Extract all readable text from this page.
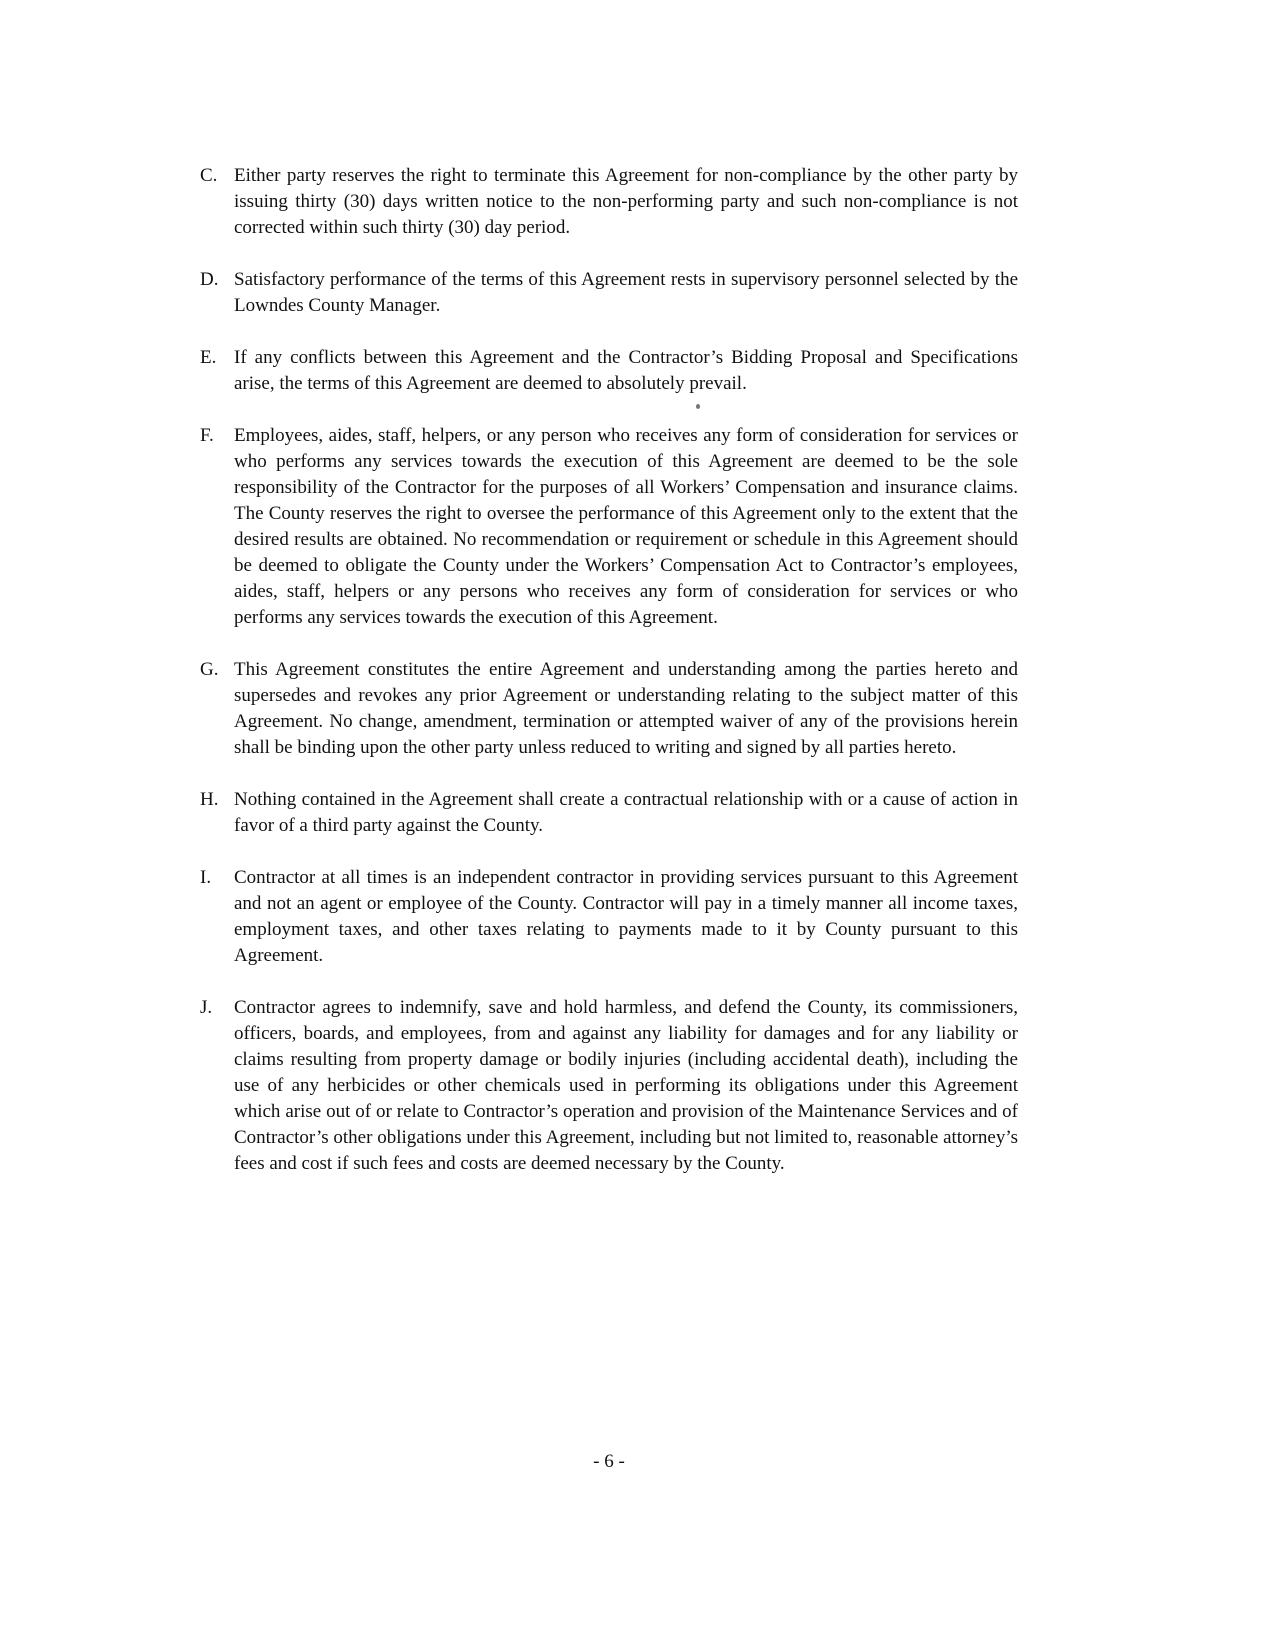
C. Either party reserves the right to terminate this Agreement for non-compliance by the other party by issuing thirty (30) days written notice to the non-performing party and such non-compliance is not corrected within such thirty (30) day period.
D. Satisfactory performance of the terms of this Agreement rests in supervisory personnel selected by the Lowndes County Manager.
E. If any conflicts between this Agreement and the Contractor’s Bidding Proposal and Specifications arise, the terms of this Agreement are deemed to absolutely prevail.
F.	Employees, aides, staff, helpers, or any person who receives any form of consideration for services or who performs any services towards the execution of this Agreement are deemed to be the sole responsibility of the Contractor for the purposes of all Workers’ Compensation and insurance claims. The County reserves the right to oversee the performance of this Agreement only to the extent that the desired results are obtained. No recommendation or requirement or schedule in this Agreement should be deemed to obligate the County under the Workers’ Compensation Act to Contractor’s employees, aides, staff, helpers or any persons who receives any form of consideration for services or who performs any services towards the execution of this Agreement.
G. This Agreement constitutes the entire Agreement and understanding among the parties hereto and supersedes and revokes any prior Agreement or understanding relating to the subject matter of this Agreement. No change, amendment, termination or attempted waiver of any of the provisions herein shall be binding upon the other party unless reduced to writing and signed by all parties hereto.
H. Nothing contained in the Agreement shall create a contractual relationship with or a cause of action in favor of a third party against the County.
I.	Contractor at all times is an independent contractor in providing services pursuant to this Agreement and not an agent or employee of the County. Contractor will pay in a timely manner all income taxes, employment taxes, and other taxes relating to payments made to it by County pursuant to this Agreement.
J.	Contractor agrees to indemnify, save and hold harmless, and defend the County, its commissioners, officers, boards, and employees, from and against any liability for damages and for any liability or claims resulting from property damage or bodily injuries (including accidental death), including the use of any herbicides or other chemicals used in performing its obligations under this Agreement which arise out of or relate to Contractor’s operation and provision of the Maintenance Services and of Contractor’s other obligations under this Agreement, including but not limited to, reasonable attorney’s fees and cost if such fees and costs are deemed necessary by the County.
- 6 -
